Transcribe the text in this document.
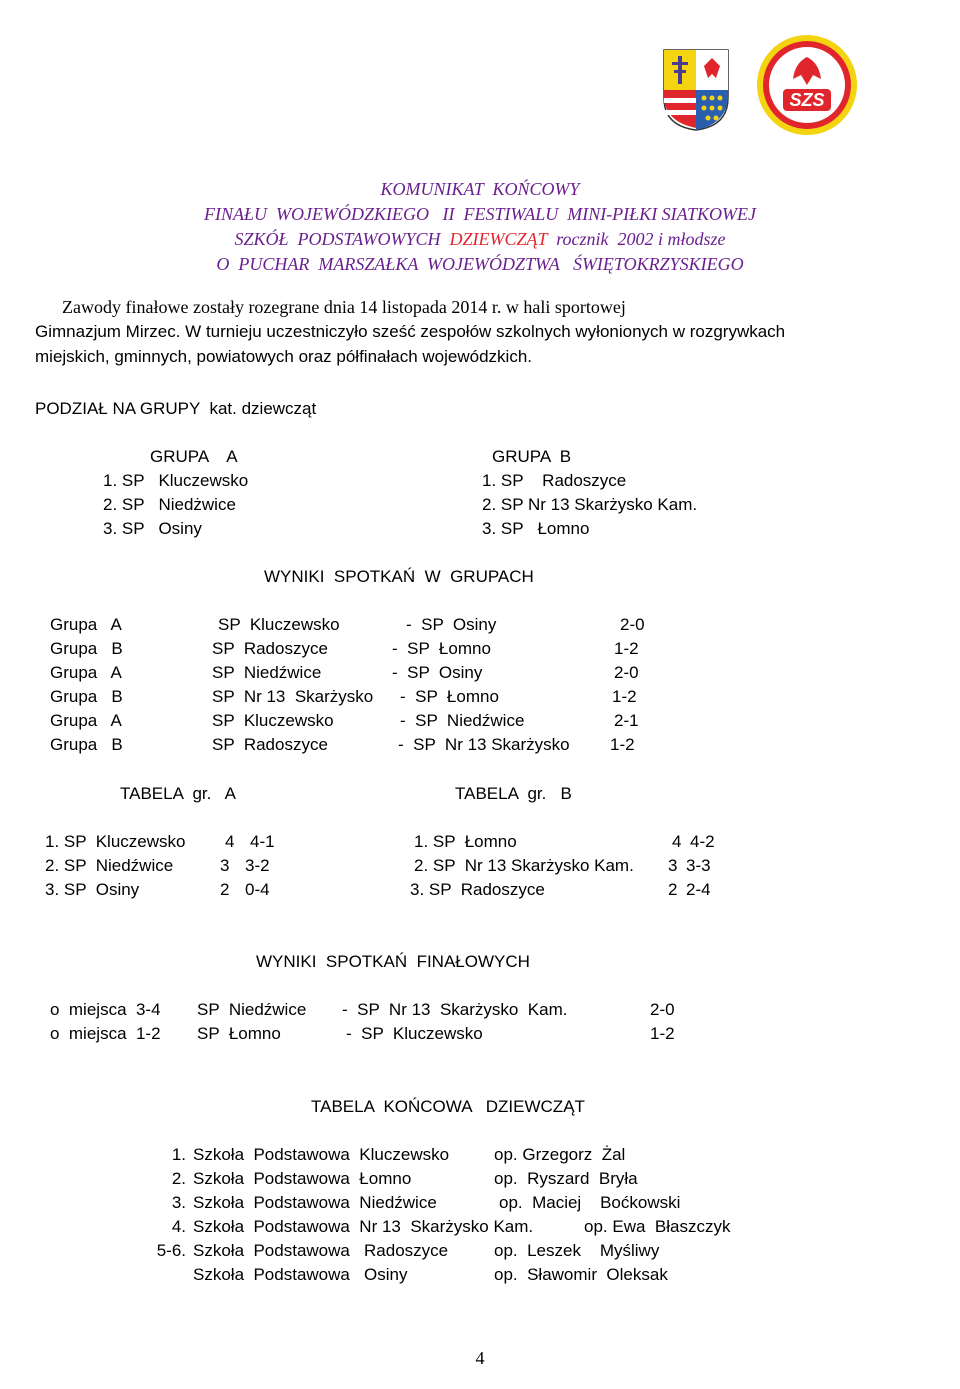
SZS
KOMUNIKAT  KOŃCOWY
FINAŁU  WOJEWÓDZKIEGO   II  FESTIWALU  MINI-PIŁKI SIATKOWEJ
SZKÓŁ  PODSTAWOWYCH  DZIEWCZĄT  rocznik  2002 i młodsze
O  PUCHAR  MARSZAŁKA  WOJEWÓDZTWA   ŚWIĘTOKRZYSKIEGO
Zawody finałowe zostały rozegrane dnia 14 listopada 2014 r. w hali sportowej
Gimnazjum Mirzec. W turnieju uczestniczyło sześć zespołów szkolnych wyłonionych w rozgrywkach
miejskich, gminnych, powiatowych oraz półfinałach wojewódzkich.
PODZIAŁ NA GRUPY  kat. dziewcząt
GRUPA    A	GRUPA  B
1. SP   Kluczewsko
2. SP   Niedżwice
3. SP   Osiny
1. SP    Radoszyce
2. SP Nr 13 Skarżysko Kam.
3. SP   Łomno
WYNIKI  SPOTKAŃ  W  GRUPACH
Grupa   A	SP  Kluczewsko	-  SP  Osiny	2-0
Grupa   B	SP  Radoszyce	-  SP  Łomno	1-2
Grupa   A	SP  Niedźwice	-  SP  Osiny	2-0
Grupa   B	SP  Nr 13  Skarżysko -  SP  Łomno	1-2
Grupa   A	SP  Kluczewsko	-  SP  Niedźwice	2-1
Grupa   B	SP  Radoszyce	-  SP  Nr 13 Skarżysko 1-2
TABELA  gr.   A	TABELA  gr.   B
1. SP  Kluczewsko 4 4-1
2. SP  Niedźwice	3 3-2
3. SP  Osiny	2 0-4
1. SP  Łomno	4 4-2
2. SP  Nr 13 Skarżysko Kam. 3 3-3
3. SP  Radoszyce	2 2-4
WYNIKI  SPOTKAŃ  FINAŁOWYCH
o  miejsca  3-4 SP  Niedźwice -  SP  Nr 13  Skarżysko  Kam.	2-0
o  miejsca  1-2 SP  Łomno	-  SP  Kluczewsko	1-2
TABELA  KOŃCOWA   DZIEWCZĄT
1. Szkoła  Podstawowa  Kluczewsko	op. Grzegorz  Żal
2. Szkoła  Podstawowa  Łomno	op.  Ryszard  Bryła
3. Szkoła  Podstawowa  Niedźwice	op.  Maciej    Boćkowski
4. Szkoła  Podstawowa  Nr 13  Skarżysko Kam.	op. Ewa  Błaszczyk
5-6. Szkoła  Podstawowa   Radoszyce	op.  Leszek    Myśliwy
Szkoła  Podstawowa   Osiny	op.  Sławomir  Oleksak
4
